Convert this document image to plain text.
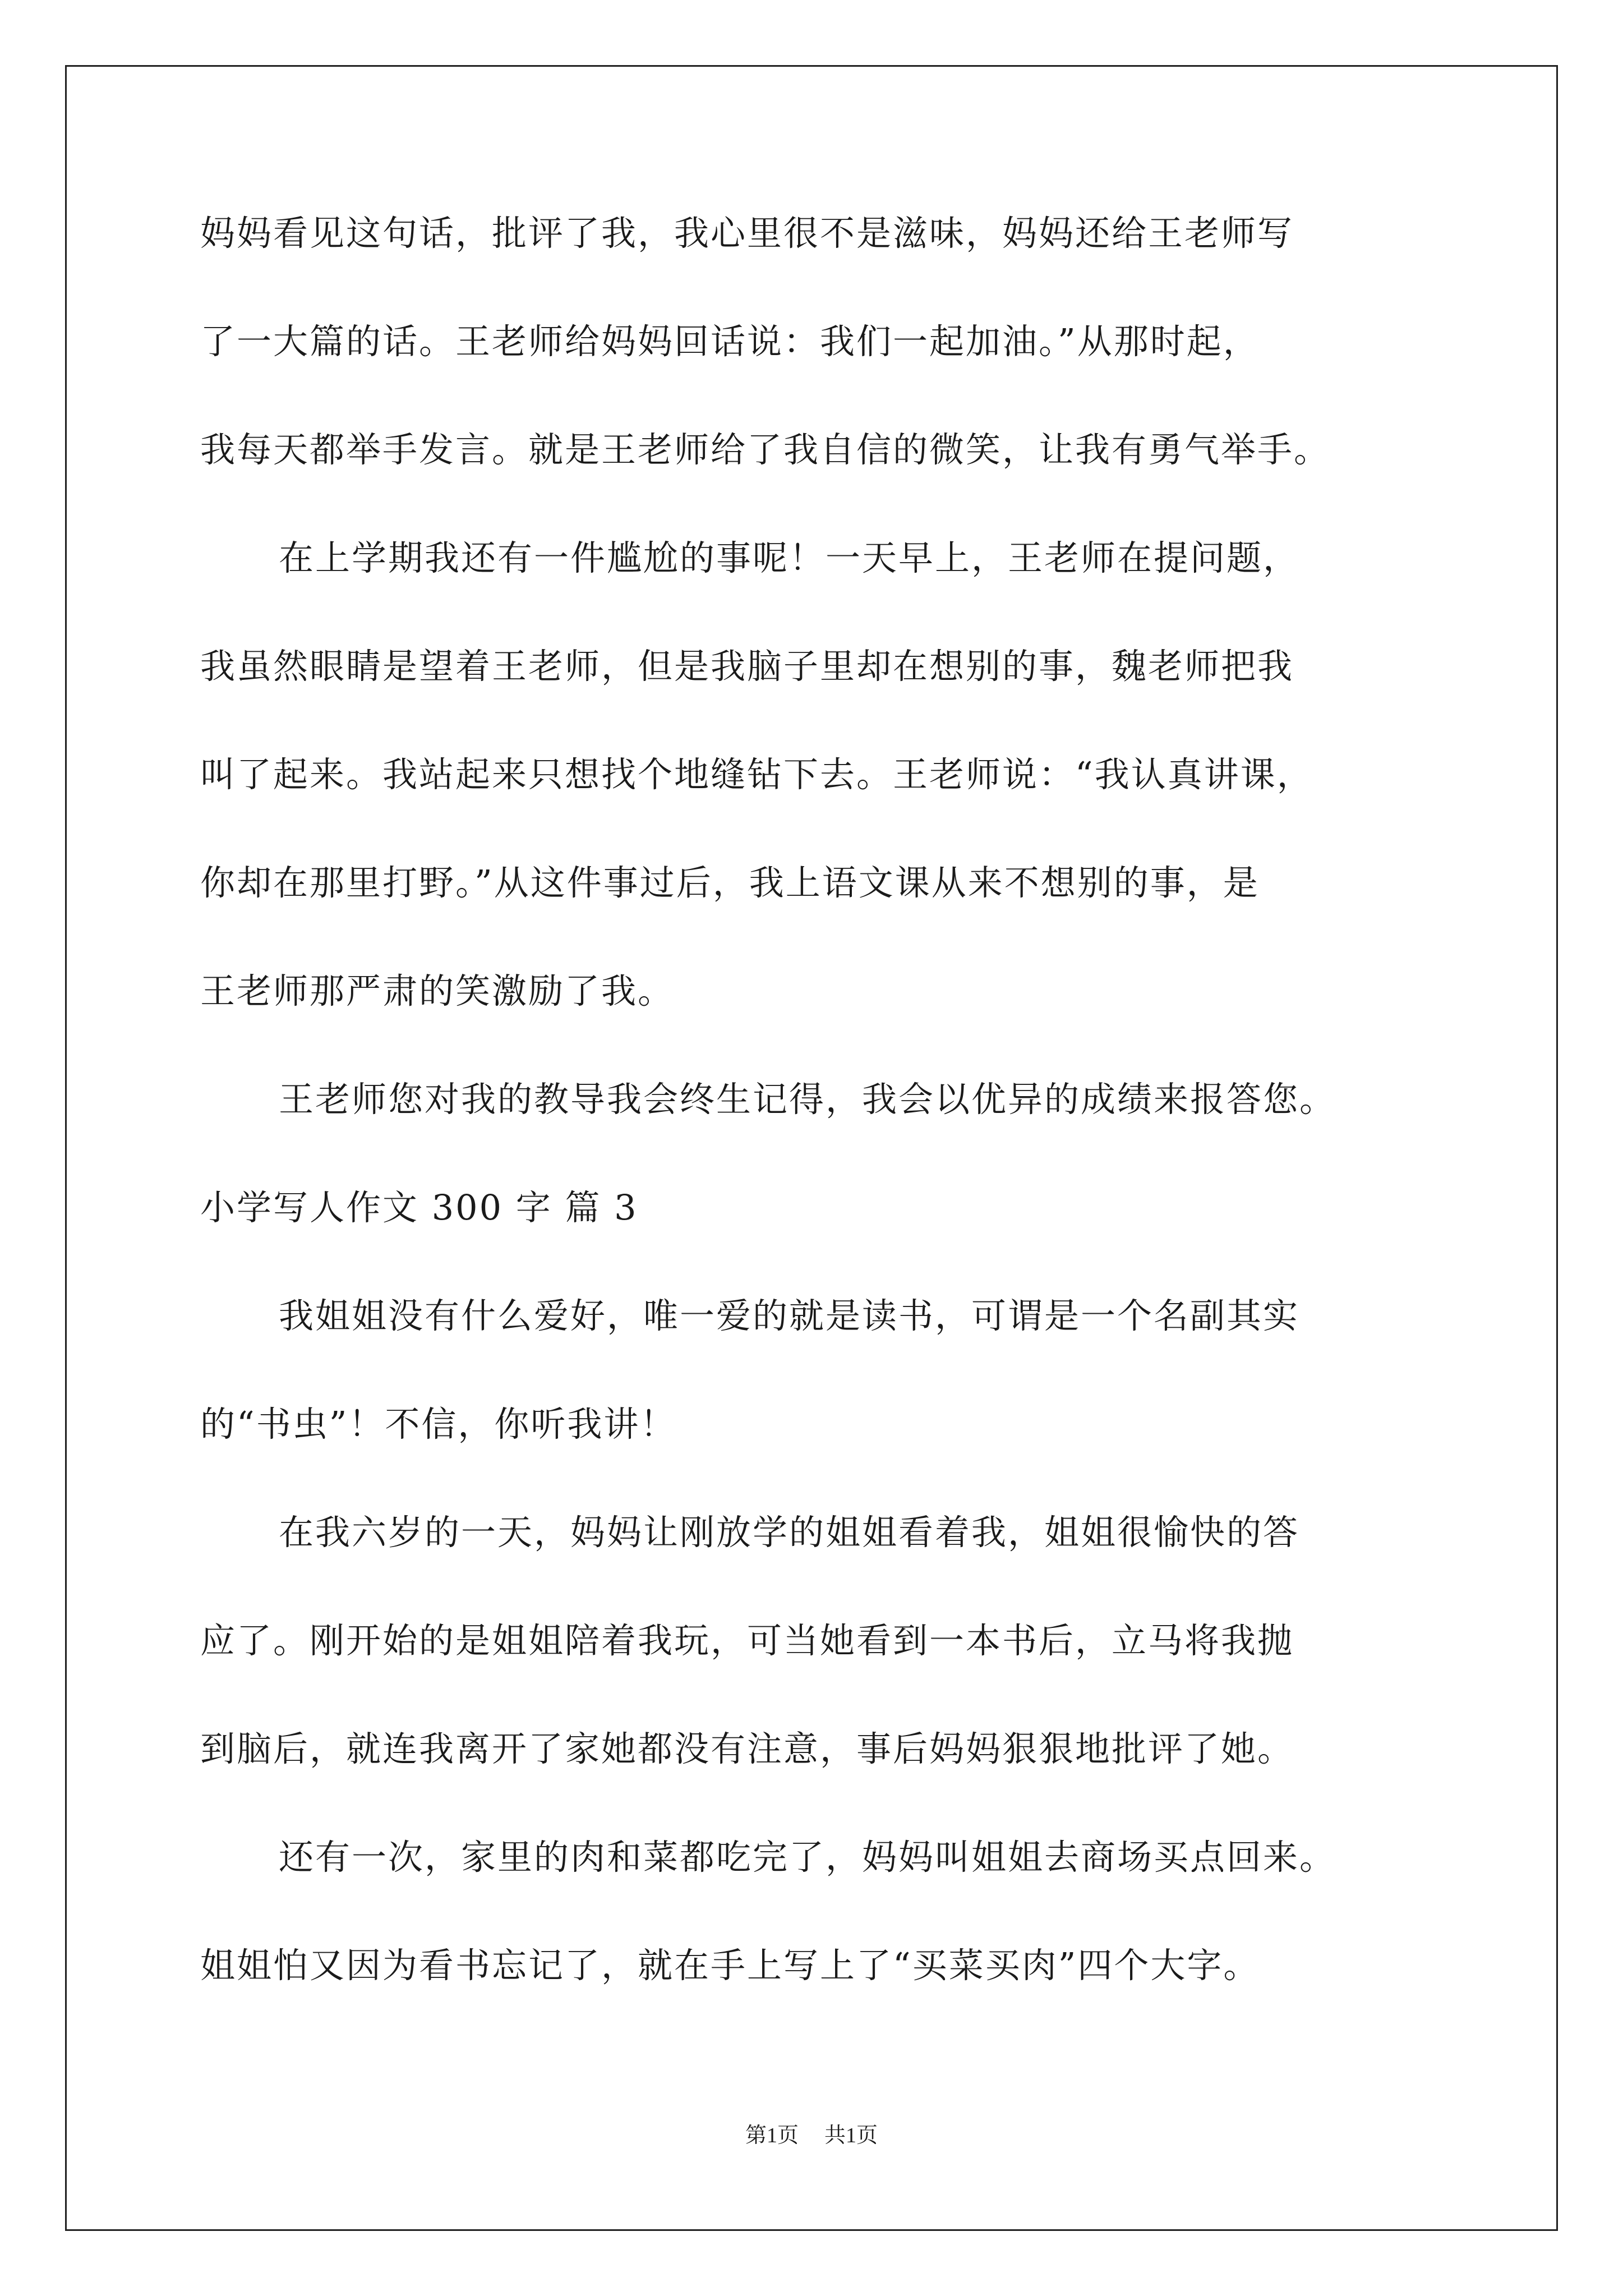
妈妈看见这句话，批评了我，我心里很不是滋味，妈妈还给王老师写
了一大篇的话。王老师给妈妈回话说：我们一起加油。”从那时起，
我每天都举手发言。就是王老师给了我自信的微笑，让我有勇气举手。
在上学期我还有一件尴尬的事呢！一天早上，王老师在提问题，
我虽然眼睛是望着王老师，但是我脑子里却在想别的事，魏老师把我
叫了起来。我站起来只想找个地缝钻下去。王老师说：“我认真讲课，
你却在那里打野。”从这件事过后，我上语文课从来不想别的事，是
王老师那严肃的笑激励了我。
王老师您对我的教导我会终生记得，我会以优异的成绩来报答您。
小学写人作文 300 字 篇 3
我姐姐没有什么爱好，唯一爱的就是读书，可谓是一个名副其实
的“书虫”！不信，你听我讲！
在我六岁的一天，妈妈让刚放学的姐姐看着我，姐姐很愉快的答
应了。刚开始的是姐姐陪着我玩，可当她看到一本书后，立马将我抛
到脑后，就连我离开了家她都没有注意，事后妈妈狠狠地批评了她。
还有一次，家里的肉和菜都吃完了，妈妈叫姐姐去商场买点回来。
姐姐怕又因为看书忘记了，就在手上写上了“买菜买肉”四个大字。
第1页 共1页
